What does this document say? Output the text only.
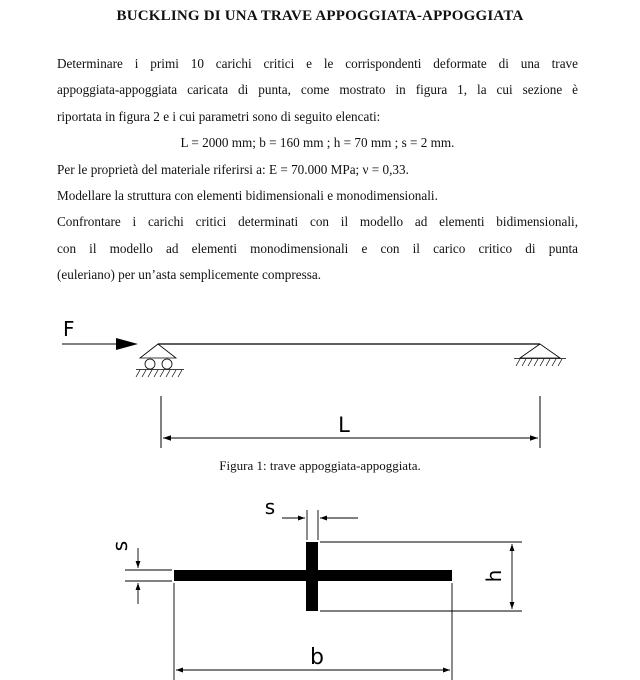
BUCKLING DI UNA TRAVE APPOGGIATA-APPOGGIATA
Determinare i primi 10 carichi critici e le corrispondenti deformate di una trave
appoggiata-appoggiata caricata di punta, come mostrato in figura 1, la cui sezione è
riportata in figura 2 e i cui parametri sono di seguito elencati:
L = 2000 mm; b = 160 mm ; h = 70 mm ; s = 2 mm.
Per le proprietà del materiale riferirsi a: E = 70.000 MPa; ν = 0,33.
Modellare la struttura con elementi bidimensionali e monodimensionali.
Confrontare i carichi critici determinati con il modello ad elementi bidimensionali,
con il modello ad elementi monodimensionali e con il carico critico di punta
(euleriano) per un’asta semplicemente compressa.
F
L
s
s
h
b
Figura 1: trave appoggiata-appoggiata.
